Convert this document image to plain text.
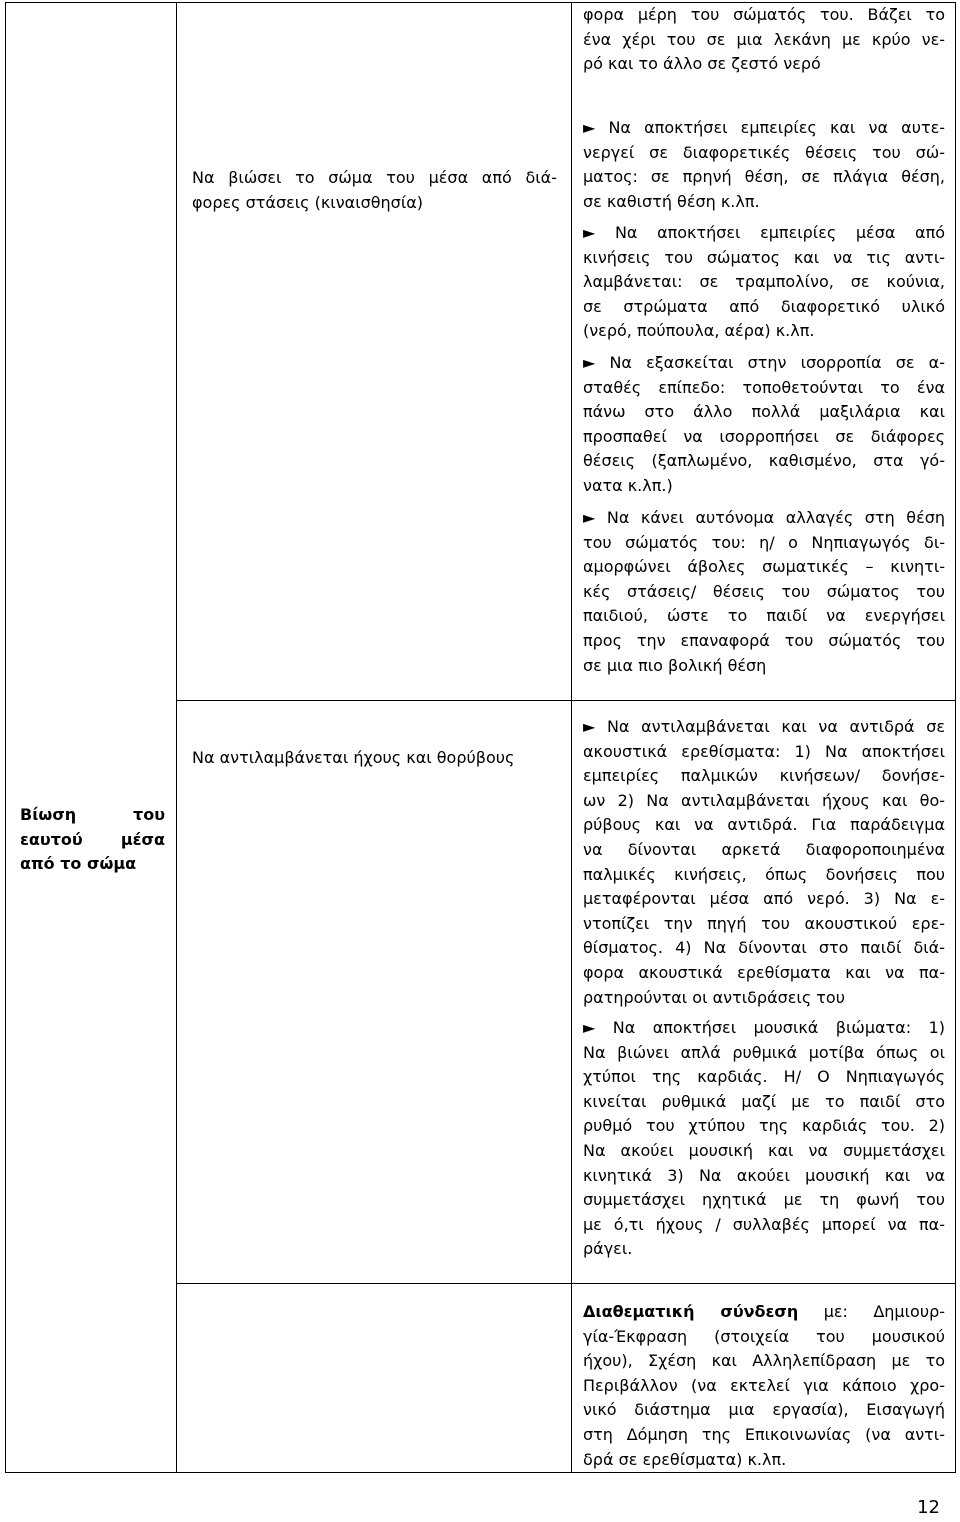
Βίωση του
εαυτού μέσα
από το σώμα
Να βιώσει το σώμα του μέσα από διά-
φορες στάσεις (κιναισθησία)
Να αντιλαμβάνεται ήχους και θορύβους
φορα μέρη του σώματός του. Βάζει το
ένα χέρι του σε μια λεκάνη με κρύο νε-
ρό και το άλλο σε ζεστό νερό
► Να αποκτήσει εμπειρίες και να αυτε-
νεργεί σε διαφορετικές θέσεις του σώ-
ματος: σε πρηνή θέση, σε πλάγια θέση,
σε καθιστή θέση κ.λπ.
► Να αποκτήσει εμπειρίες μέσα από
κινήσεις του σώματος και να τις αντι-
λαμβάνεται: σε τραμπολίνο, σε κούνια,
σε στρώματα από διαφορετικό υλικό
(νερό, πούπουλα, αέρα) κ.λπ.
► Να εξασκείται στην ισορροπία σε α-
σταθές επίπεδο: τοποθετούνται το ένα
πάνω στο άλλο πολλά μαξιλάρια και
προσπαθεί να ισορροπήσει σε διάφορες
θέσεις (ξαπλωμένο, καθισμένο, στα γό-
νατα κ.λπ.)
► Να κάνει αυτόνομα αλλαγές στη θέση
του σώματός του: η/ ο Νηπιαγωγός δι-
αμορφώνει άβολες σωματικές – κινητι-
κές στάσεις/ θέσεις του σώματος του
παιδιού, ώστε το παιδί να ενεργήσει
προς την επαναφορά του σώματός του
σε μια πιο βολική θέση
► Να αντιλαμβάνεται και να αντιδρά σε
ακουστικά ερεθίσματα: 1) Να αποκτήσει
εμπειρίες παλμικών κινήσεων/ δονήσε-
ων 2) Να αντιλαμβάνεται ήχους και θο-
ρύβους και να αντιδρά. Για παράδειγμα
να δίνονται αρκετά διαφοροποιημένα
παλμικές κινήσεις, όπως δονήσεις που
μεταφέρονται μέσα από νερό. 3) Να ε-
ντοπίζει την πηγή του ακουστικού ερε-
θίσματος. 4) Να δίνονται στο παιδί διά-
φορα ακουστικά ερεθίσματα και να πα-
ρατηρούνται οι αντιδράσεις του
► Να αποκτήσει μουσικά βιώματα: 1)
Να βιώνει απλά ρυθμικά μοτίβα όπως οι
χτύποι της καρδιάς. Η/ Ο Νηπιαγωγός
κινείται ρυθμικά μαζί με το παιδί στο
ρυθμό του χτύπου της καρδιάς του. 2)
Να ακούει μουσική και να συμμετάσχει
κινητικά 3) Να ακούει μουσική και να
συμμετάσχει ηχητικά με τη φωνή του
με ό,τι ήχους / συλλαβές μπορεί να πα-
ράγει.
Διαθεματική σύνδεση με: Δημιουρ-
γία-Έκφραση (στοιχεία του μουσικού
ήχου), Σχέση και Αλληλεπίδραση με το
Περιβάλλον (να εκτελεί για κάποιο χρο-
νικό διάστημα μια εργασία), Εισαγωγή
στη Δόμηση της Επικοινωνίας (να αντι-
δρά σε ερεθίσματα) κ.λπ.
12
